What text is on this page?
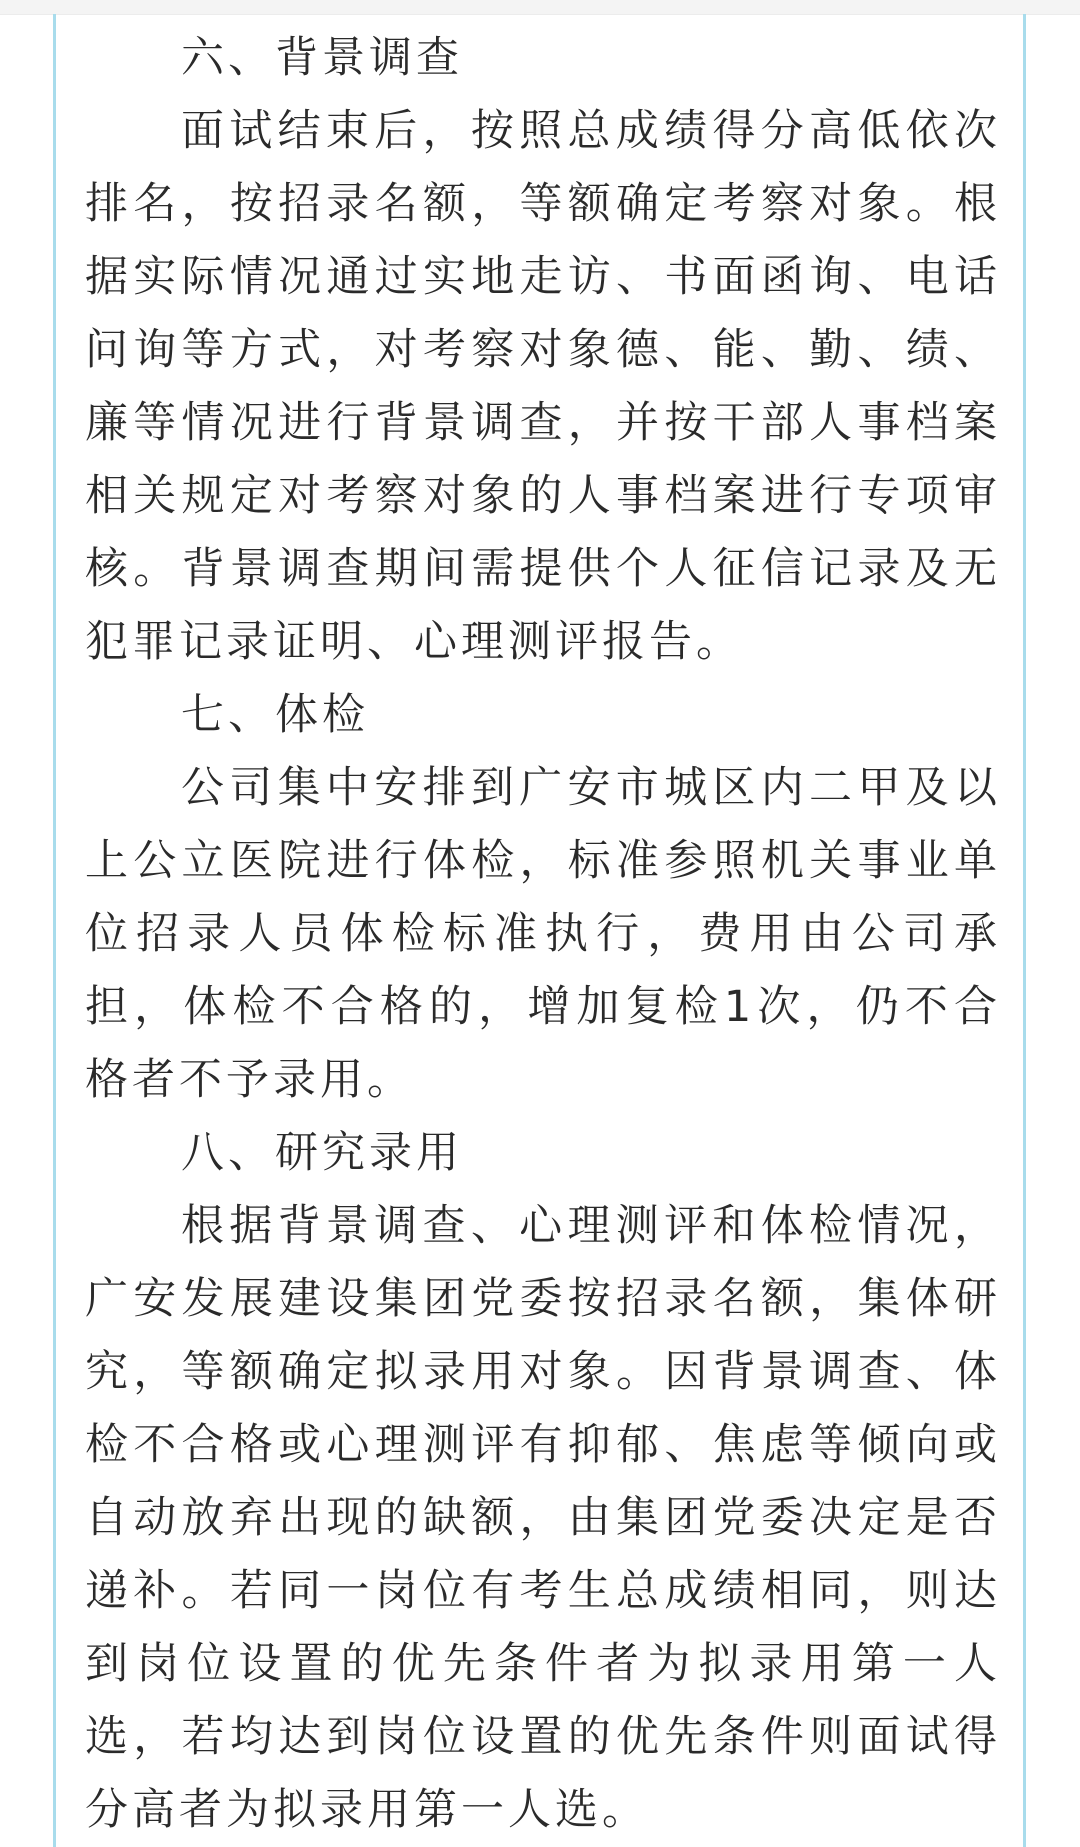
六、背景调查
面试结束后，按照总成绩得分高低依次
排名，按招录名额，等额确定考察对象。根
据实际情况通过实地走访、书面函询、电话
问询等方式，对考察对象德、能、勤、绩、
廉等情况进行背景调查，并按干部人事档案
相关规定对考察对象的人事档案进行专项审
核。背景调查期间需提供个人征信记录及无
犯罪记录证明、心理测评报告。
七、体检
公司集中安排到广安市城区内二甲及以
上公立医院进行体检，标准参照机关事业单
位招录人员体检标准执行，费用由公司承
担，体检不合格的，增加复检1次，仍不合
格者不予录用。
八、研究录用
根据背景调查、心理测评和体检情况，
广安发展建设集团党委按招录名额，集体研
究，等额确定拟录用对象。因背景调查、体
检不合格或心理测评有抑郁、焦虑等倾向或
自动放弃出现的缺额，由集团党委决定是否
递补。若同一岗位有考生总成绩相同，则达
到岗位设置的优先条件者为拟录用第一人
选，若均达到岗位设置的优先条件则面试得
分高者为拟录用第一人选。
